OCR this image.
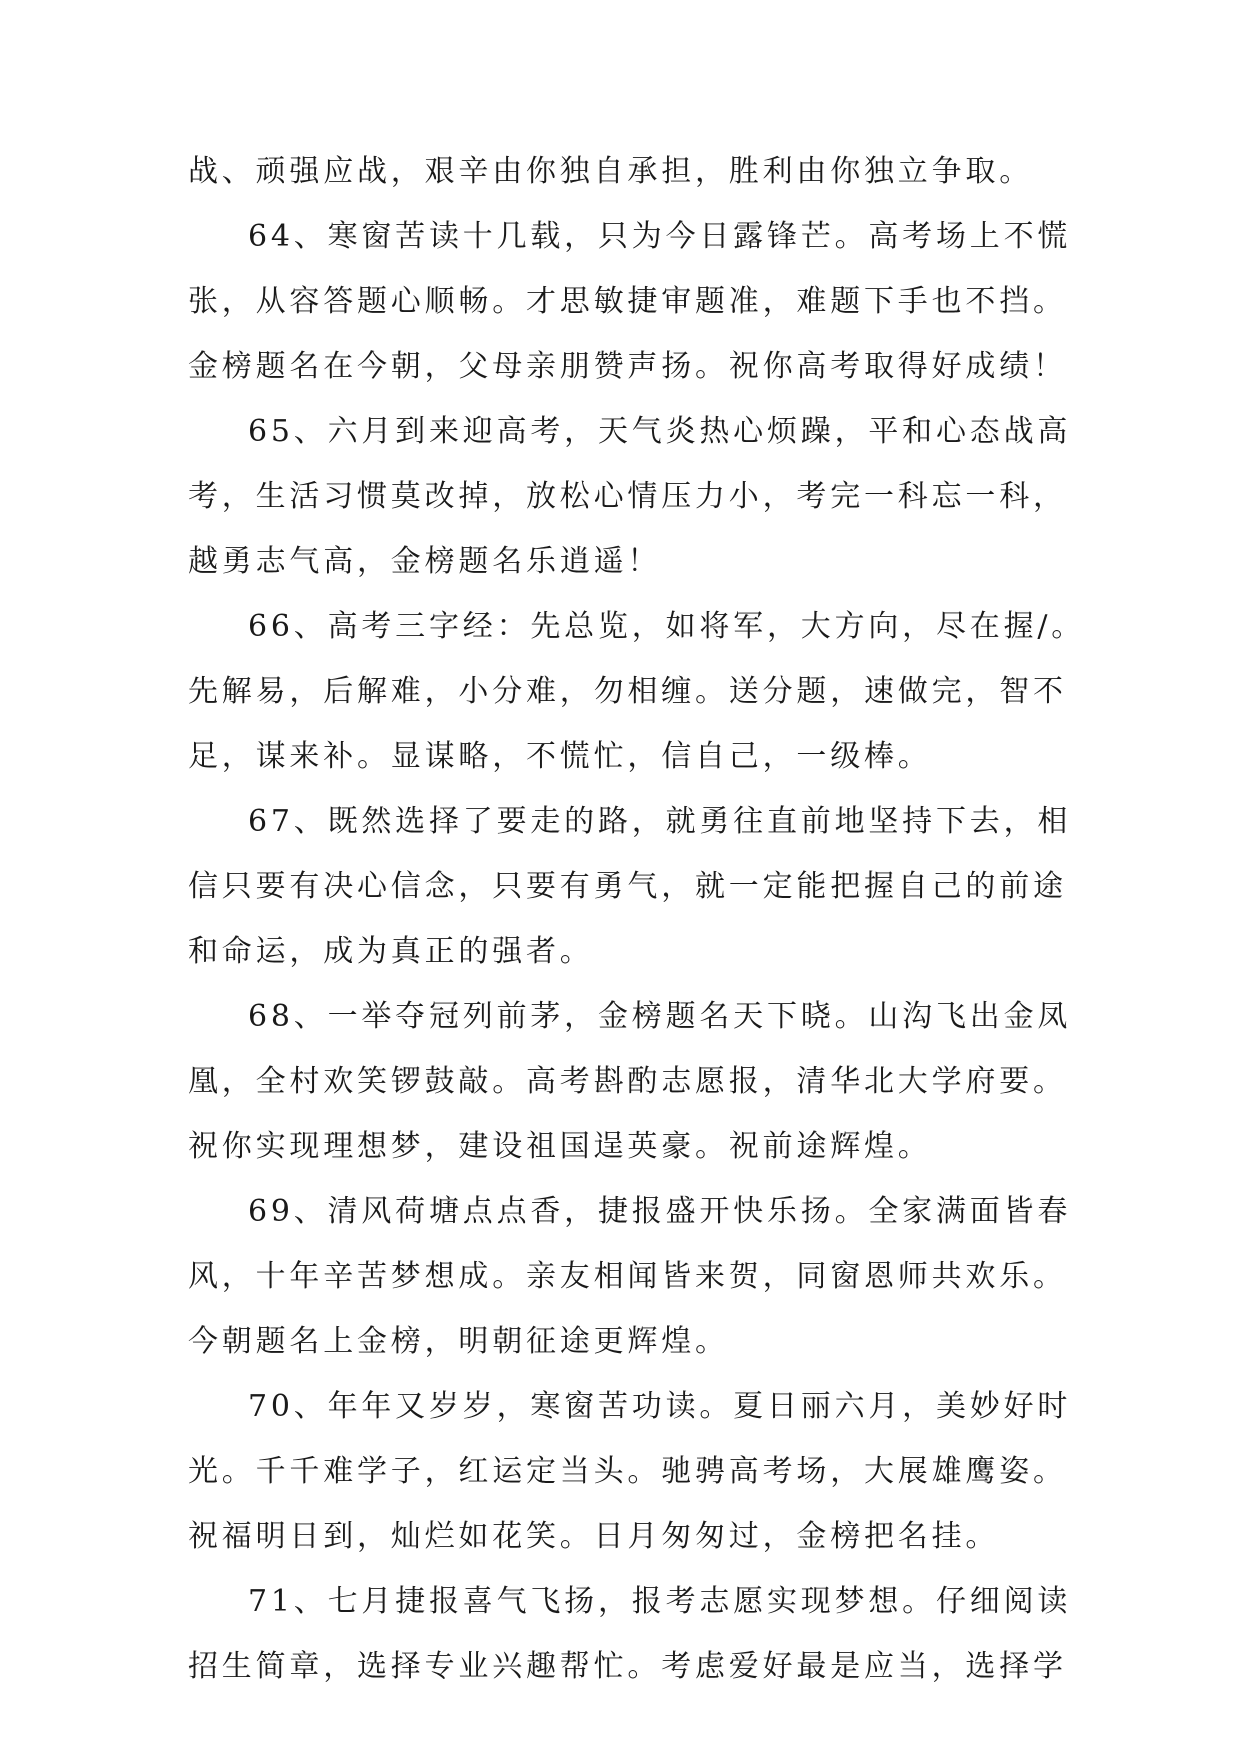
战、顽强应战，艰辛由你独自承担，胜利由你独立争取。
64、寒窗苦读十几载，只为今日露锋芒。高考场上不慌
张，从容答题心顺畅。才思敏捷审题准，难题下手也不挡。
金榜题名在今朝，父母亲朋赞声扬。祝你高考取得好成绩！
65、六月到来迎高考，天气炎热心烦躁，平和心态战高
考，生活习惯莫改掉，放松心情压力小，考完一科忘一科，
越勇志气高，金榜题名乐逍遥！
66、高考三字经：先总览，如将军，大方向，尽在握/。
先解易，后解难，小分难，勿相缠。送分题，速做完，智不
足，谋来补。显谋略，不慌忙，信自己，一级棒。
67、既然选择了要走的路，就勇往直前地坚持下去，相
信只要有决心信念，只要有勇气，就一定能把握自己的前途
和命运，成为真正的强者。
68、一举夺冠列前茅，金榜题名天下晓。山沟飞出金凤
凰，全村欢笑锣鼓敲。高考斟酌志愿报，清华北大学府要。
祝你实现理想梦，建设祖国逞英豪。祝前途辉煌。
69、清风荷塘点点香，捷报盛开快乐扬。全家满面皆春
风，十年辛苦梦想成。亲友相闻皆来贺，同窗恩师共欢乐。
今朝题名上金榜，明朝征途更辉煌。
70、年年又岁岁，寒窗苦功读。夏日丽六月，美妙好时
光。千千难学子，红运定当头。驰骋高考场，大展雄鹰姿。
祝福明日到，灿烂如花笑。日月匆匆过，金榜把名挂。
71、七月捷报喜气飞扬，报考志愿实现梦想。仔细阅读
招生简章，选择专业兴趣帮忙。考虑爱好最是应当，选择学
